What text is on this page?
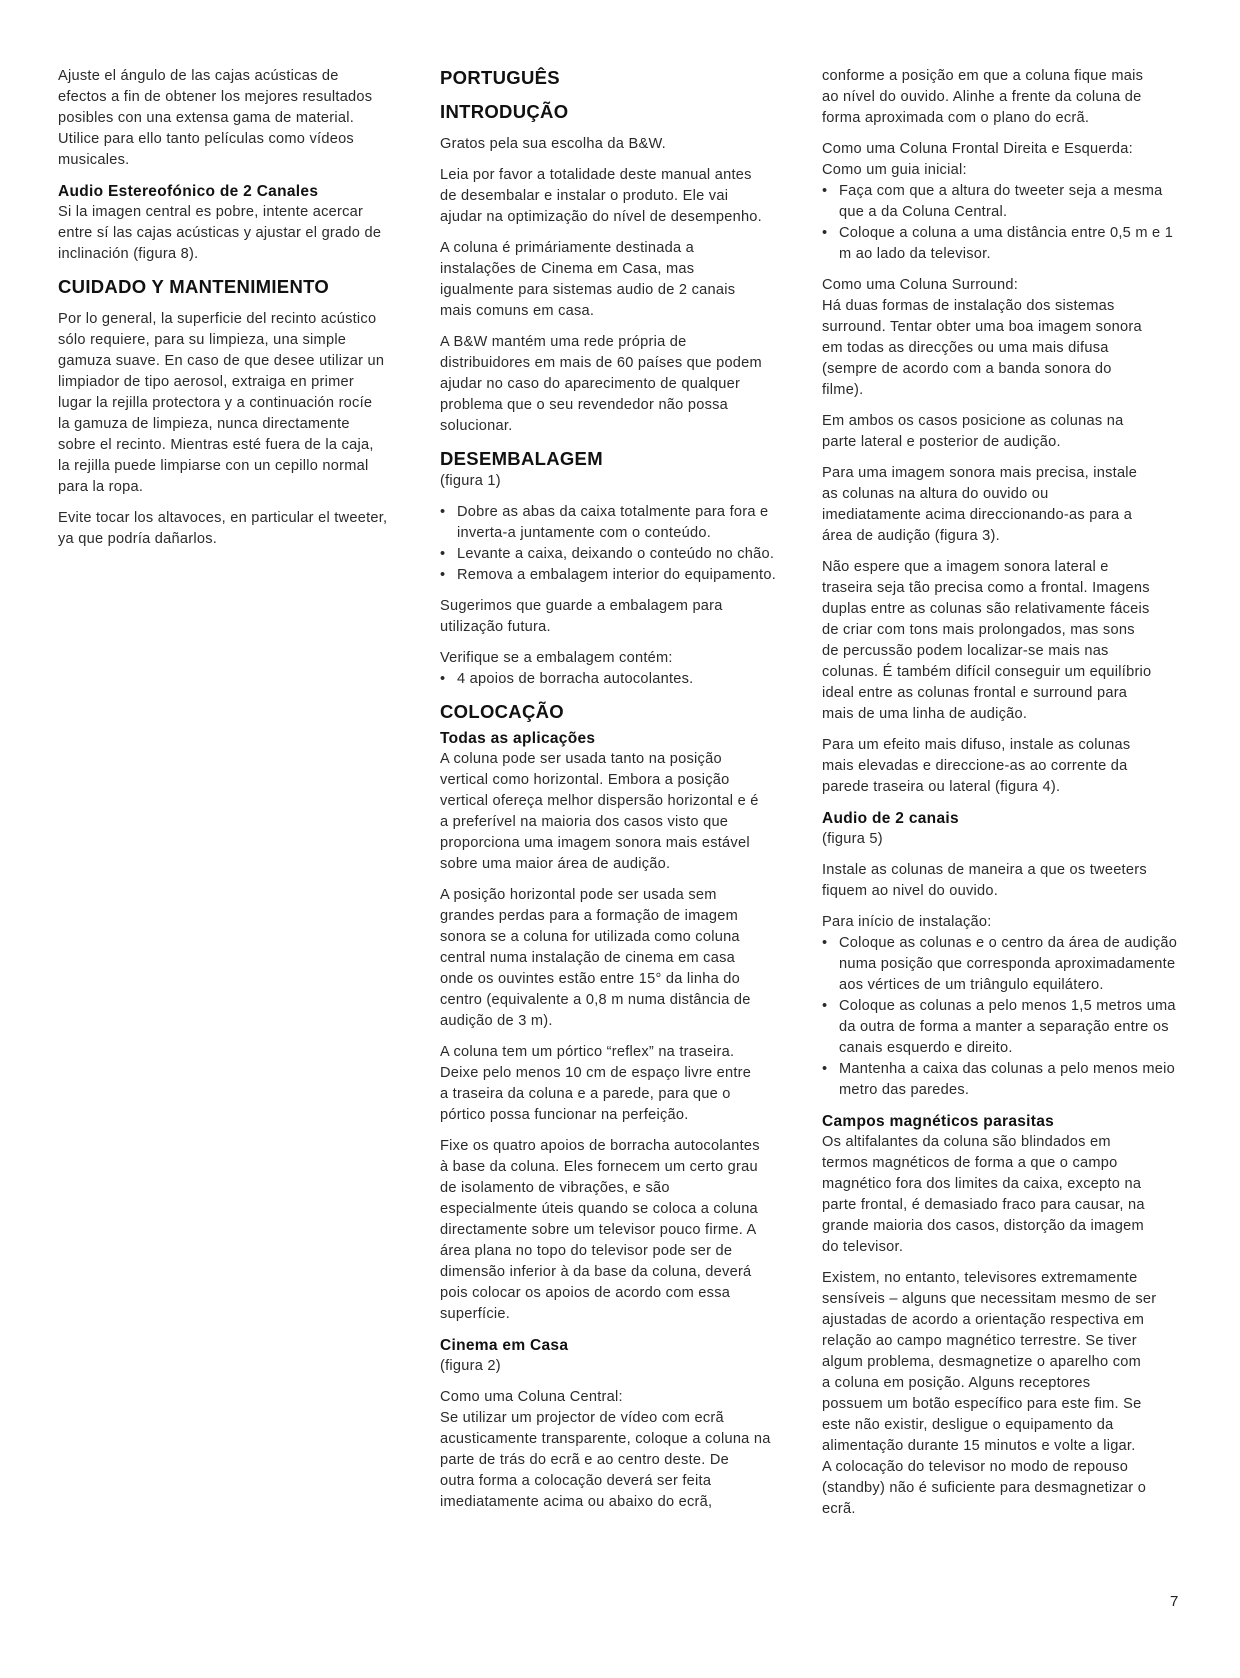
Ajuste el ángulo de las cajas acústicas de
efectos a fin de obtener los mejores resultados
posibles con una extensa gama de material.
Utilice para ello tanto películas como vídeos
musicales.

Audio Estereofónico de 2 Canales

Si la imagen central es pobre, intente acercar
entre sí las cajas acústicas y ajustar el grado de
inclinación (figura 8).

CUIDADO Y MANTENIMIENTO

Por lo general, la superficie del recinto acústico
sólo requiere, para su limpieza, una simple
gamuza suave. En caso de que desee utilizar un
limpiador de tipo aerosol, extraiga en primer
lugar la rejilla protectora y a continuación rocíe
la gamuza de limpieza, nunca directamente
sobre el recinto. Mientras esté fuera de la caja,
la rejilla puede limpiarse con un cepillo normal
para la ropa.

Evite tocar los altavoces, en particular el tweeter,
ya que podría dañarlos.

PORTUGUÊS
INTRODUÇÃO

Gratos pela sua escolha da B&W.

Leia por favor a totalidade deste manual antes
de desembalar e instalar o produto. Ele vai
ajudar na optimização do nível de desempenho.

A coluna é primáriamente destinada a
instalações de Cinema em Casa, mas
igualmente para sistemas audio de 2 canais
mais comuns em casa.

A B&W mantém uma rede própria de
distribuidores em mais de 60 países que podem
ajudar no caso do aparecimento de qualquer
problema que o seu revendedor não possa
solucionar.

DESEMBALAGEM

(figura 1)

• Dobre as abas da caixa totalmente para fora e inverta-a juntamente com o conteúdo.
• Levante a caixa, deixando o conteúdo no chão.
• Remova a embalagem interior do equipamento.

Sugerimos que guarde a embalagem para
utilização futura.

Verifique se a embalagem contém:

• 4 apoios de borracha autocolantes.
COLOCAÇÃO
Todas as aplicações

A coluna pode ser usada tanto na posição
vertical como horizontal. Embora a posição
vertical ofereça melhor dispersão horizontal e é
a preferível na maioria dos casos visto que
proporciona uma imagem sonora mais estável
sobre uma maior área de audição.

A posição horizontal pode ser usada sem
grandes perdas para a formação de imagem
sonora se a coluna for utilizada como coluna
central numa instalação de cinema em casa
onde os ouvintes estão entre 15° da linha do
centro (equivalente a 0,8 m numa distância de
audição de 3 m).

A coluna tem um pórtico “reflex” na traseira.
Deixe pelo menos 10 cm de espaço livre entre
a traseira da coluna e a parede, para que o
pórtico possa funcionar na perfeição.

Fixe os quatro apoios de borracha autocolantes
à base da coluna. Eles fornecem um certo grau
de isolamento de vibrações, e são
especialmente úteis quando se coloca a coluna
directamente sobre um televisor pouco firme. A
área plana no topo do televisor pode ser de
dimensão inferior à da base da coluna, deverá
pois colocar os apoios de acordo com essa
superfície.

Cinema em Casa

(figura 2)

Como uma Coluna Central:
Se utilizar um projector de vídeo com ecrã
acusticamente transparente, coloque a coluna na
parte de trás do ecrã e ao centro deste. De
outra forma a colocação deverá ser feita
imediatamente acima ou abaixo do ecrã,

conforme a posição em que a coluna fique mais
ao nível do ouvido. Alinhe a frente da coluna de
forma aproximada com o plano do ecrã.

Como uma Coluna Frontal Direita e Esquerda:
Como um guia inicial:

• Faça com que a altura do tweeter seja a mesma que a da Coluna Central.
• Coloque a coluna a uma distância entre 0,5 m e 1 m ao lado da televisor.

Como uma Coluna Surround:
Há duas formas de instalação dos sistemas
surround. Tentar obter uma boa imagem sonora
em todas as direcções ou uma mais difusa
(sempre de acordo com a banda sonora do
filme).

Em ambos os casos posicione as colunas na
parte lateral e posterior de audição.

Para uma imagem sonora mais precisa, instale
as colunas na altura do ouvido ou
imediatamente acima direccionando-as para a
área de audição (figura 3).

Não espere que a imagem sonora lateral e
traseira seja tão precisa como a frontal. Imagens
duplas entre as colunas são relativamente fáceis
de criar com tons mais prolongados, mas sons
de percussão podem localizar-se mais nas
colunas. É também difícil conseguir um equilíbrio
ideal entre as colunas frontal e surround para
mais de uma linha de audição.

Para um efeito mais difuso, instale as colunas
mais elevadas e direccione-as ao corrente da
parede traseira ou lateral (figura 4).

Audio de 2 canais

(figura 5)

Instale as colunas de maneira a que os tweeters
fiquem ao nivel do ouvido.

Para início de instalação:

• Coloque as colunas e o centro da área de audição numa posição que corresponda aproximadamente aos vértices de um triângulo equilátero.
• Coloque as colunas a pelo menos 1,5 metros uma da outra de forma a manter a separação entre os canais esquerdo e direito.
• Mantenha a caixa das colunas a pelo menos meio metro das paredes.
Campos magnéticos parasitas

Os altifalantes da coluna são blindados em
termos magnéticos de forma a que o campo
magnético fora dos limites da caixa, excepto na
parte frontal, é demasiado fraco para causar, na
grande maioria dos casos, distorção da imagem
do televisor.

Existem, no entanto, televisores extremamente
sensíveis – alguns que necessitam mesmo de ser
ajustadas de acordo a orientação respectiva em
relação ao campo magnético terrestre. Se tiver
algum problema, desmagnetize o aparelho com
a coluna em posição. Alguns receptores
possuem um botão específico para este fim. Se
este não existir, desligue o equipamento da
alimentação durante 15 minutos e volte a ligar.
A colocação do televisor no modo de repouso
(standby) não é suficiente para desmagnetizar o
ecrã.

7
